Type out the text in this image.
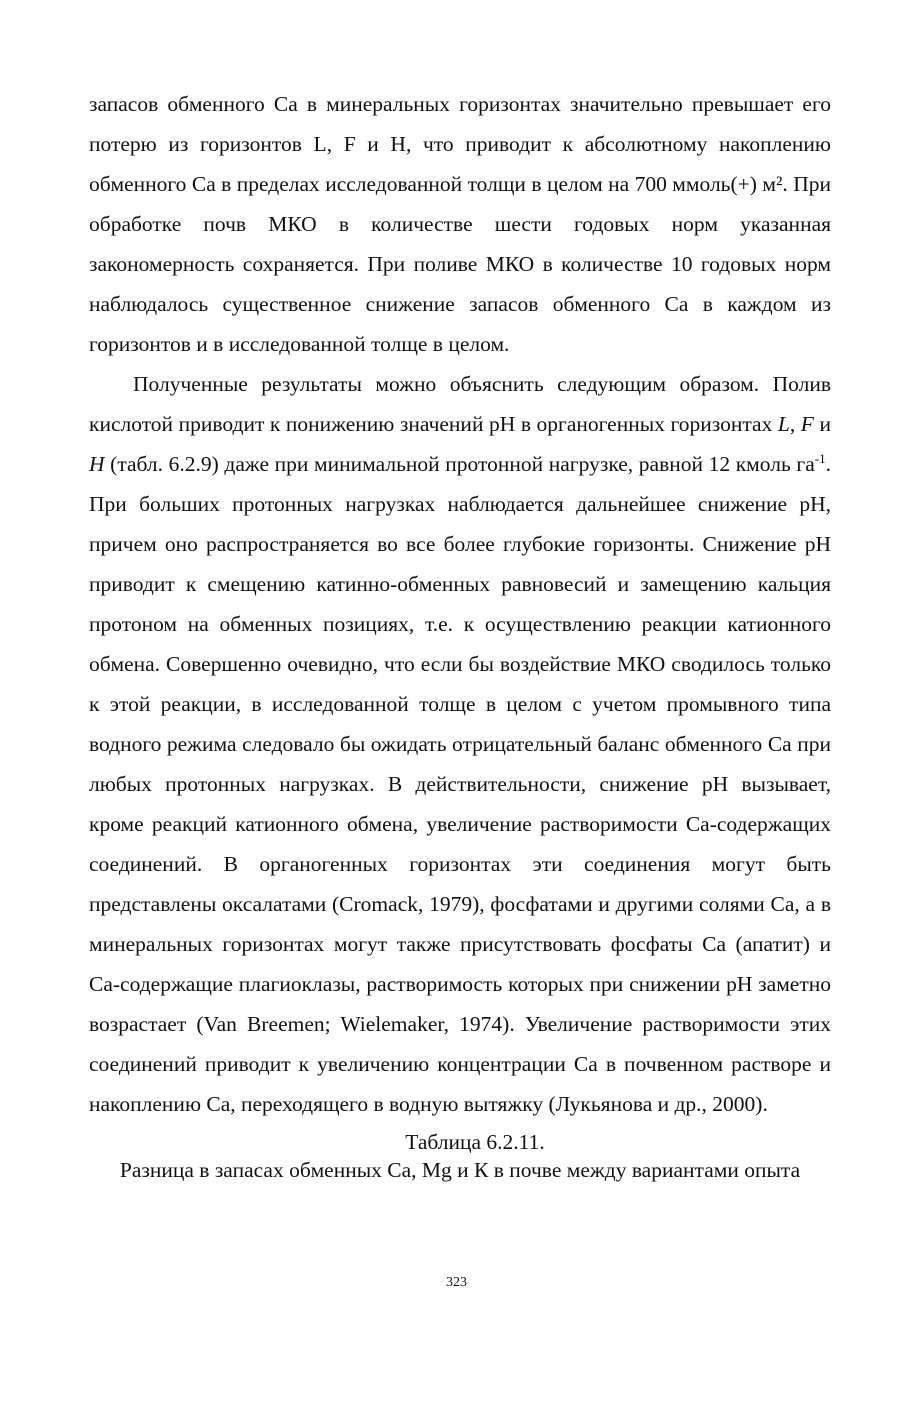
запасов обменного Са в минеральных горизонтах значительно превышает его потерю из горизонтов L, F и H, что приводит к абсолютному накоплению обменного Са в пределах исследованной толщи в целом на 700 ммоль(+) м². При обработке почв МКО в количестве шести годовых норм указанная закономерность сохраняется. При поливе МКО в количестве 10 годовых норм наблюдалось существенное снижение запасов обменного Са в каждом из горизонтов и в исследованной толще в целом.

Полученные результаты можно объяснить следующим образом. Полив кислотой приводит к понижению значений рН в органогенных горизонтах L, F и H (табл. 6.2.9) даже при минимальной протонной нагрузке, равной 12 кмоль $га^{-1}$. При больших протонных нагрузках наблюдается дальнейшее снижение рН, причем оно распространяется во все более глубокие горизонты. Снижение рН приводит к смещению катинно-обменных равновесий и замещению кальция протоном на обменных позициях, т.е. к осуществлению реакции катионного обмена. Совершенно очевидно, что если бы воздействие МКО сводилось только к этой реакции, в исследованной толще в целом с учетом промывного типа водного режима следовало бы ожидать отрицательный баланс обменного Са при любых протонных нагрузках. В действительности, снижение рН вызывает, кроме реакций катионного обмена, увеличение растворимости Са-содержащих соединений. В органогенных горизонтах эти соединения могут быть представлены оксалатами (Cromack, 1979), фосфатами и другими солями Са, а в минеральных горизонтах могут также присутствовать фосфаты Са (апатит) и Са-содержащие плагиоклазы, растворимость которых при снижении рН заметно возрастает (Van Breemen; Wielemaker, 1974). Увеличение растворимости этих соединений приводит к увеличению концентрации Са в почвенном растворе и накоплению Са, переходящего в водную вытяжку (Лукьянова и др., 2000).

Таблица 6.2.11.
Разница в запасах обменных Са, Mg и К в почве между вариантами опыта
323
